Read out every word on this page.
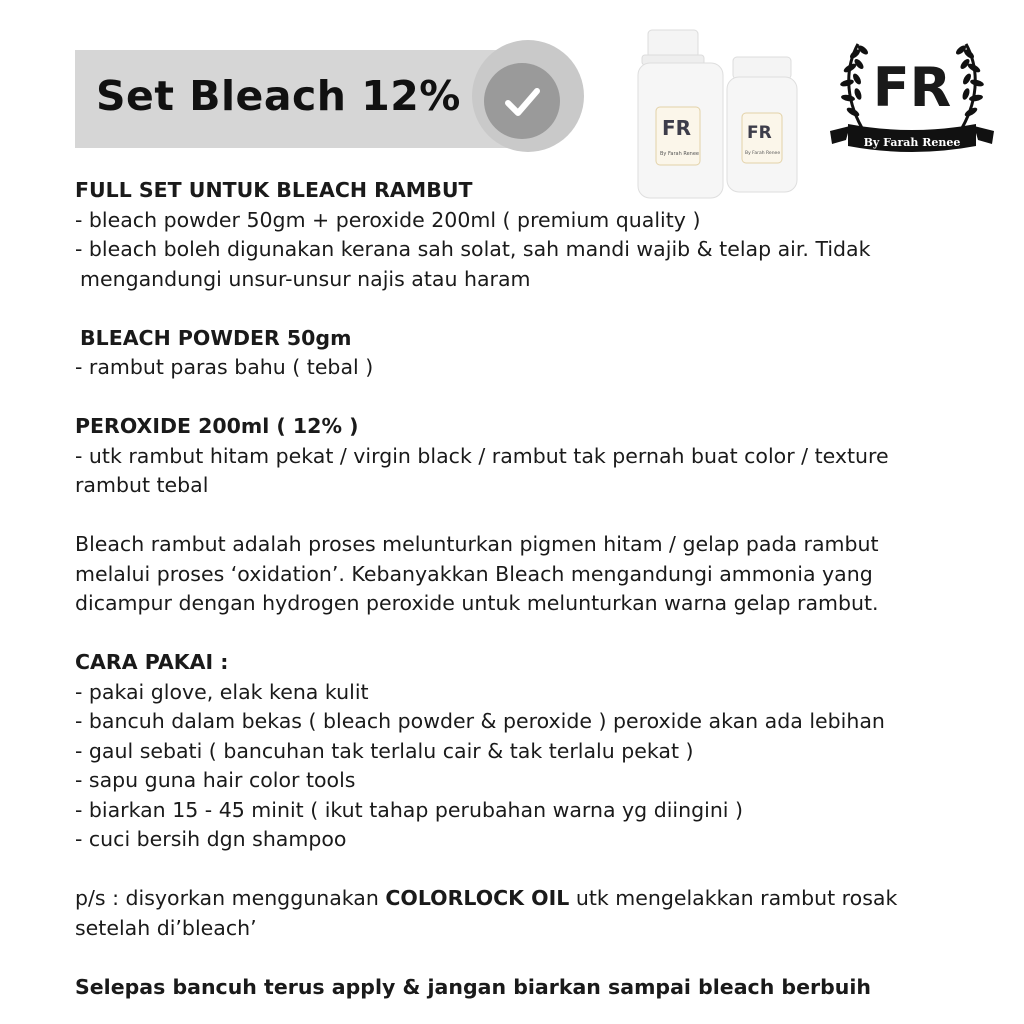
Set Bleach 12%
FR
By Farah Renee
FR
By Farah Renee
FR
By Farah Renee
FULL SET UNTUK BLEACH RAMBUT
- bleach powder 50gm + peroxide 200ml ( premium quality )
- bleach boleh digunakan kerana sah solat, sah mandi wajib & telap air. Tidak
mengandungi unsur-unsur najis atau haram
BLEACH POWDER 50gm
- rambut paras bahu ( tebal )
PEROXIDE 200ml ( 12% )
- utk rambut hitam pekat / virgin black / rambut tak pernah buat color / texture
rambut tebal
Bleach rambut adalah proses melunturkan pigmen hitam / gelap pada rambut
melalui proses ‘oxidation’. Kebanyakkan Bleach mengandungi ammonia yang
dicampur dengan hydrogen peroxide untuk melunturkan warna gelap rambut.
CARA PAKAI :
- pakai glove, elak kena kulit
- bancuh dalam bekas ( bleach powder & peroxide ) peroxide akan ada lebihan
- gaul sebati ( bancuhan tak terlalu cair & tak terlalu pekat )
- sapu guna hair color tools
- biarkan 15 - 45 minit ( ikut tahap perubahan warna yg diingini )
- cuci bersih dgn shampoo
p/s : disyorkan menggunakan COLORLOCK OIL utk mengelakkan rambut rosak
setelah di’bleach’
Selepas bancuh terus apply & jangan biarkan sampai bleach berbuih
